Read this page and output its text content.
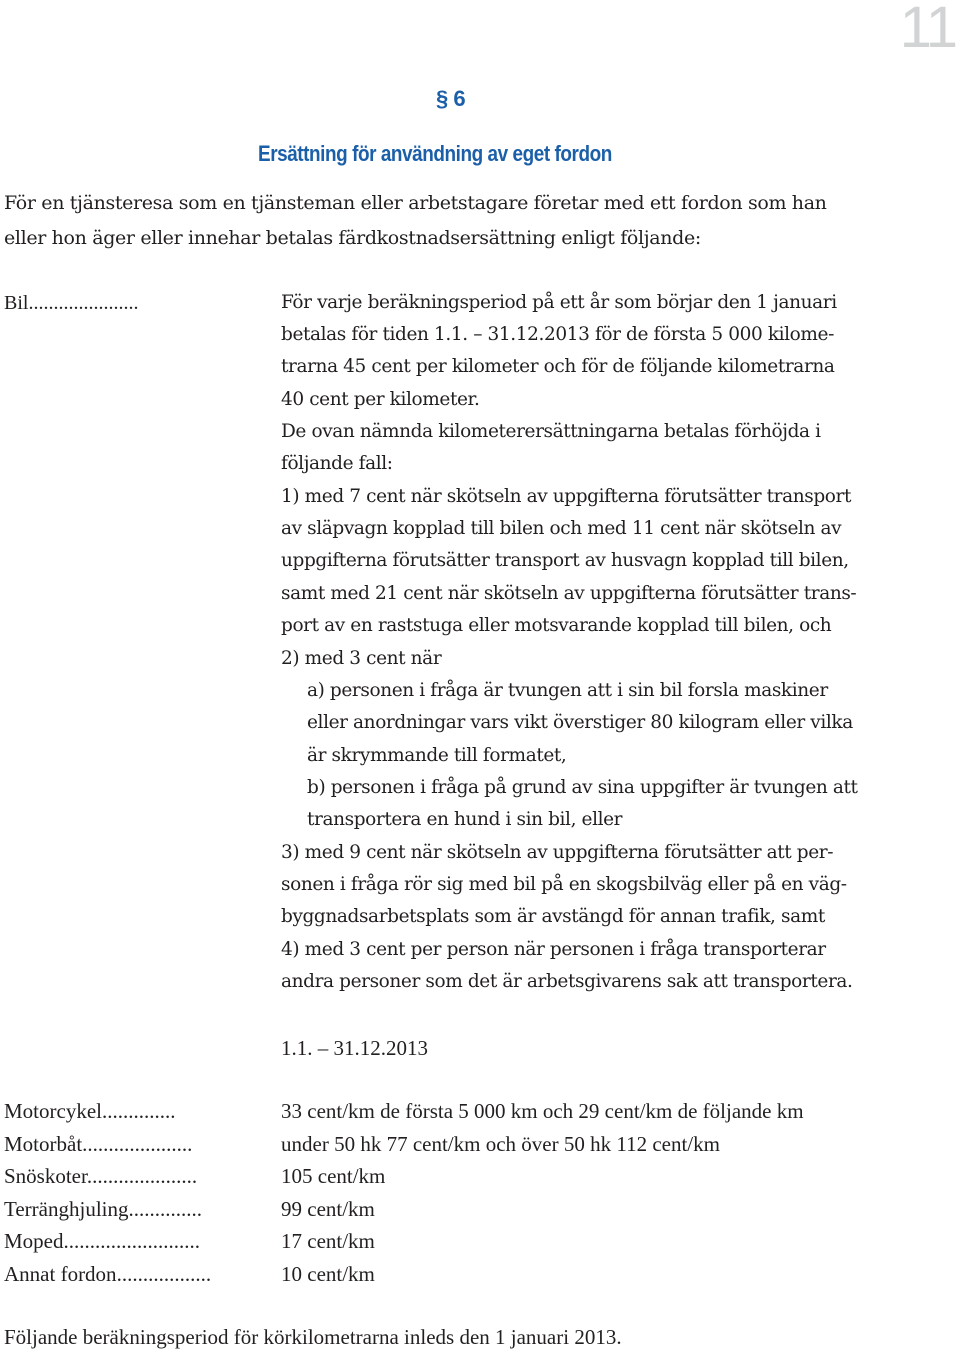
11
§ 6
Ersättning för användning av eget fordon
För en tjänsteresa som en tjänsteman eller arbetstagare företar med ett fordon som han
eller hon äger eller innehar betalas färdkostnadsersättning enligt följande:
Bil......................	För varje beräkningsperiod på ett år som börjar den 1 januari
betalas för tiden 1.1. – 31.12.2013 för de första 5 000 kilome-
trarna 45 cent per kilometer och för de följande kilometrarna
40 cent per kilometer.
De ovan nämnda kilometerersättningarna betalas förhöjda i
följande fall:
1) med 7 cent när skötseln av uppgifterna förutsätter transport
av släpvagn kopplad till bilen och med 11 cent när skötseln av
uppgifterna förutsätter transport av husvagn kopplad till bilen,
samt med 21 cent när skötseln av uppgifterna förutsätter trans-
port av en raststuga eller motsvarande kopplad till bilen, och
2) med 3 cent när
a) personen i fråga är tvungen att i sin bil forsla maskiner
eller anordningar vars vikt överstiger 80 kilogram eller vilka
är skrymmande till formatet,
b) personen i fråga på grund av sina uppgifter är tvungen att
transportera en hund i sin bil, eller
3) med 9 cent när skötseln av uppgifterna förutsätter att per-
sonen i fråga rör sig med bil på en skogsbilväg eller på en väg-
byggnadsarbetsplats som är avstängd för annan trafik, samt
4) med 3 cent per person när personen i fråga transporterar
andra personer som det är arbetsgivarens sak att transportera.
1.1. – 31.12.2013
Motorcykel..............	33 cent/km de första 5 000 km och 29 cent/km de följande km
Motorbåt.....................	under 50 hk 77 cent/km och över 50 hk 112 cent/km
Snöskoter.....................	105 cent/km
Terränghjuling..............	99 cent/km
Moped..........................	17 cent/km
Annat fordon..................	10 cent/km
Följande beräkningsperiod för körkilometrarna inleds den 1 januari 2013.
